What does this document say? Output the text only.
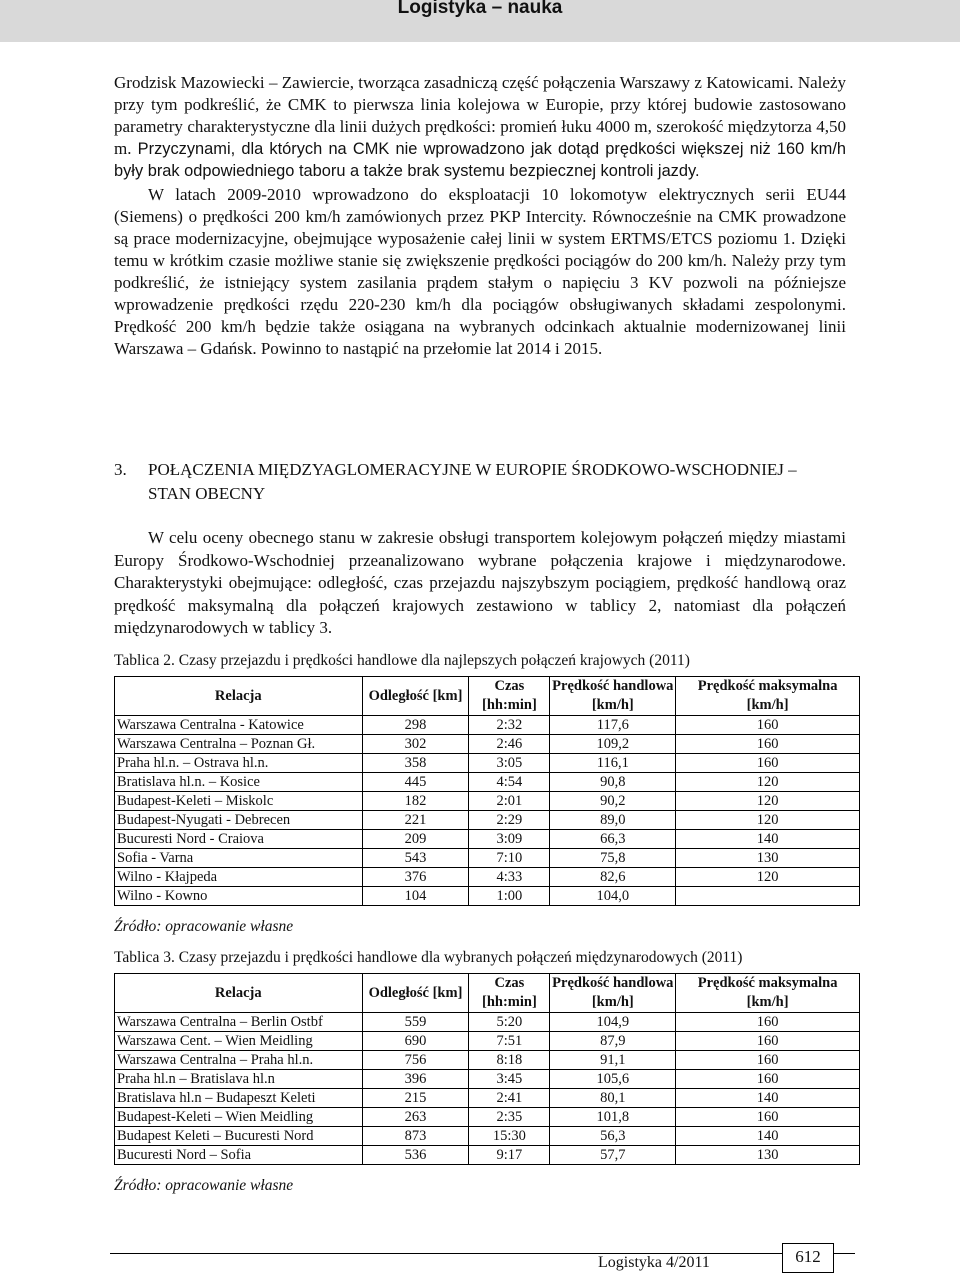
Logistyka – nauka

Grodzisk Mazowiecki – Zawiercie, tworząca zasadniczą część połączenia Warszawy z Katowicami. Należy przy tym podkreślić, że CMK to pierwsza linia kolejowa w Europie, przy której budowie zastosowano parametry charakterystyczne dla linii dużych prędkości: promień łuku 4000 m, szerokość międzytorza 4,50 m. Przyczynami, dla których na CMK nie wprowadzono jak dotąd prędkości większej niż 160 km/h były brak odpowiedniego taboru a także brak systemu bezpiecznej kontroli jazdy.

W latach 2009-2010 wprowadzono do eksploatacji 10 lokomotyw elektrycznych serii EU44 (Siemens) o prędkości 200 km/h zamówionych przez PKP Intercity. Równocześnie na CMK prowadzone są prace modernizacyjne, obejmujące wyposażenie całej linii w system ERTMS/ETCS poziomu 1. Dzięki temu w krótkim czasie możliwe stanie się zwiększenie prędkości pociągów do 200 km/h. Należy przy tym podkreślić, że istniejący system zasilania prądem stałym o napięciu 3 KV pozwoli na późniejsze wprowadzenie prędkości rzędu 220-230 km/h dla pociągów obsługiwanych składami zespolonymi. Prędkość 200 km/h będzie także osiągana na wybranych odcinkach aktualnie modernizowanej linii Warszawa – Gdańsk. Powinno to nastąpić na przełomie lat 2014 i 2015.

3. POŁĄCZENIA MIĘDZYAGLOMERACYJNE W EUROPIE ŚRODKOWO-WSCHODNIEJ –
STAN OBECNY

W celu oceny obecnego stanu w zakresie obsługi transportem kolejowym połączeń między miastami Europy Środkowo-Wschodniej przeanalizowano wybrane połączenia krajowe i międzynarodowe. Charakterystyki obejmujące: odległość, czas przejazdu najszybszym pociągiem, prędkość handlową oraz prędkość maksymalną dla połączeń krajowych zestawiono w tablicy 2, natomiast dla połączeń międzynarodowych w tablicy 3.

Tablica 2. Czasy przejazdu i prędkości handlowe dla najlepszych połączeń krajowych (2011)
Relacja	Odległość [km]	Czas [hh:min]	Prędkość handlowa [km/h]	Prędkość maksymalna [km/h]
Warszawa Centralna - Katowice	298	2:32	117,6	160
Warszawa Centralna – Poznan Gł.	302	2:46	109,2	160
Praha hl.n. – Ostrava hl.n.	358	3:05	116,1	160
Bratislava hl.n. – Kosice	445	4:54	90,8	120
Budapest-Keleti – Miskolc	182	2:01	90,2	120
Budapest-Nyugati - Debrecen	221	2:29	89,0	120
Bucuresti Nord - Craiova	209	3:09	66,3	140
Sofia - Varna	543	7:10	75,8	130
Wilno - Kłajpeda	376	4:33	82,6	120
Wilno - Kowno	104	1:00	104,0	
Źródło: opracowanie własne
Tablica 3. Czasy przejazdu i prędkości handlowe dla wybranych połączeń międzynarodowych (2011)
Relacja	Odległość [km]	Czas [hh:min]	Prędkość handlowa [km/h]	Prędkość maksymalna [km/h]
Warszawa Centralna – Berlin Ostbf	559	5:20	104,9	160
Warszawa Cent. – Wien Meidling	690	7:51	87,9	160
Warszawa Centralna – Praha hl.n.	756	8:18	91,1	160
Praha hl.n – Bratislava hl.n	396	3:45	105,6	160
Bratislava hl.n – Budapeszt Keleti	215	2:41	80,1	140
Budapest-Keleti – Wien Meidling	263	2:35	101,8	160
Budapest Keleti – Bucuresti Nord	873	15:30	56,3	140
Bucuresti Nord – Sofia	536	9:17	57,7	130
Źródło: opracowanie własne
Logistyka 4/2011	612
